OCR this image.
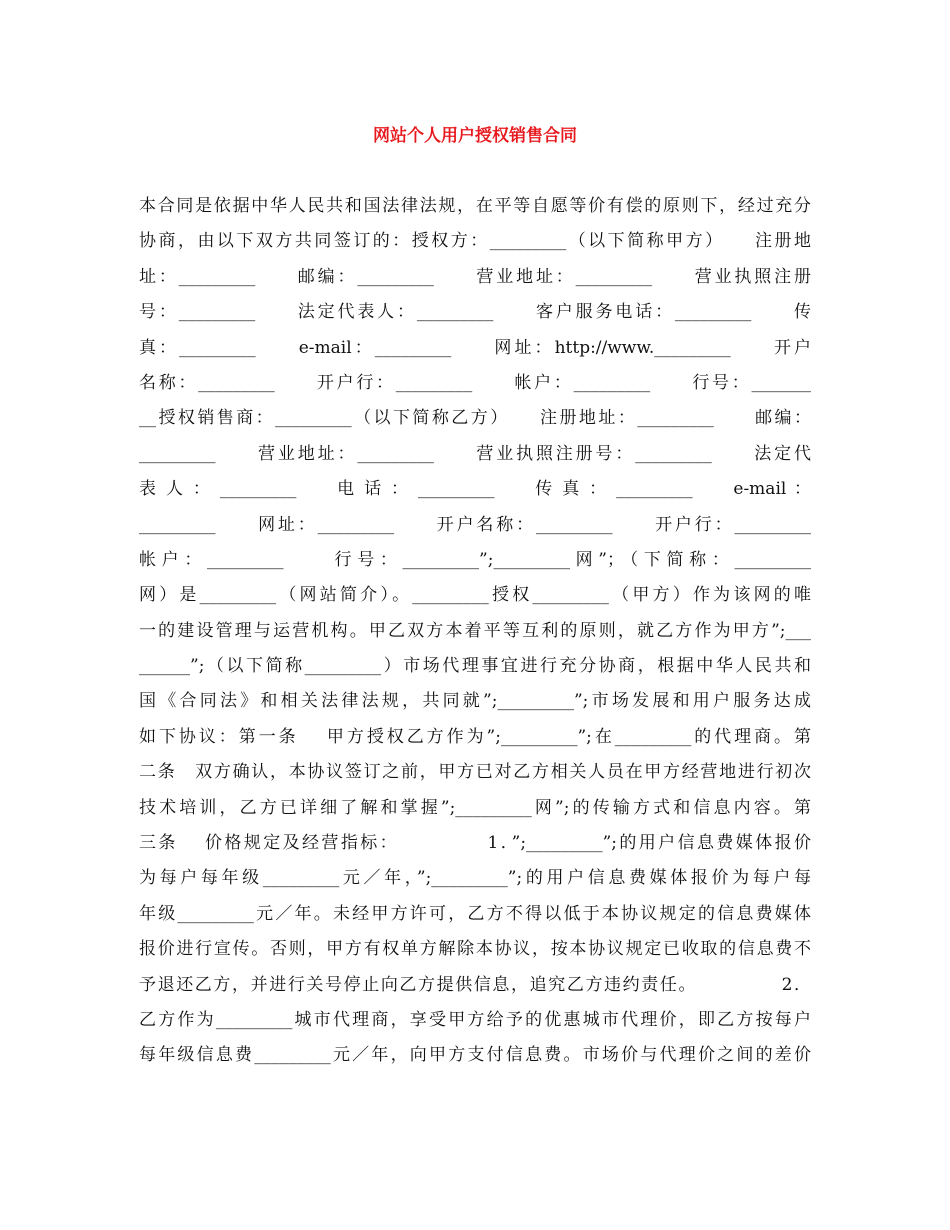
网站个人用户授权销售合同
本合同是依据中华人民共和国法律法规，在平等自愿等价有偿的原则下，经过充分
协商，由以下双方共同签订的：授权方：_________（以下简称甲方）　　注册地
址：_________　　邮编：_________　　营业地址：_________　　营业执照注册
号：_________　　法定代表人：_________　　客户服务电话：_________　　传
真：_________　　e-mail：_________　　网址：http://www._________　　开户
名称：_________　　开户行：_________　　帐户：_________　　行号：_______
__授权销售商：_________（以下简称乙方）　　注册地址：_________　　邮编：
_________　　营业地址：_________　　营业执照注册号：_________　　法定代
表 人 ： _________　　电 话 ： _________　　传 真 ： _________　　e-mail ：
_________　　网址：_________　　开户名称：_________　　开户行：_________
帐户：_________　　行号：_________”;_________网”；（下简称：_________
网）是_________（网站简介）。_________授权_________（甲方）作为该网的唯
一的建设管理与运营机构。甲乙双方本着平等互利的原则，就乙方作为甲方”;___
______”;（以下简称_________）市场代理事宜进行充分协商，根据中华人民共和
国《合同法》和相关法律法规，共同就”;_________”;市场发展和用户服务达成
如下协议：第一条　 甲方授权乙方作为”;_________”;在_________的代理商。第
二条　双方确认，本协议签订之前，甲方已对乙方相关人员在甲方经营地进行初次
技术培训，乙方已详细了解和掌握”;_________网”;的传输方式和信息内容。第
三条　 价格规定及经营指标：　　　　　1．”;_________”;的用户信息费媒体报价
为每户每年级_________元／年，”;_________”;的用户信息费媒体报价为每户每
年级_________元／年。未经甲方许可，乙方不得以低于本协议规定的信息费媒体
报价进行宣传。否则，甲方有权单方解除本协议，按本协议规定已收取的信息费不
予退还乙方，并进行关号停止向乙方提供信息，追究乙方违约责任。　　　　　2．
乙方作为_________城市代理商，享受甲方给予的优惠城市代理价，即乙方按每户
每年级信息费_________元／年，向甲方支付信息费。市场价与代理价之间的差价
